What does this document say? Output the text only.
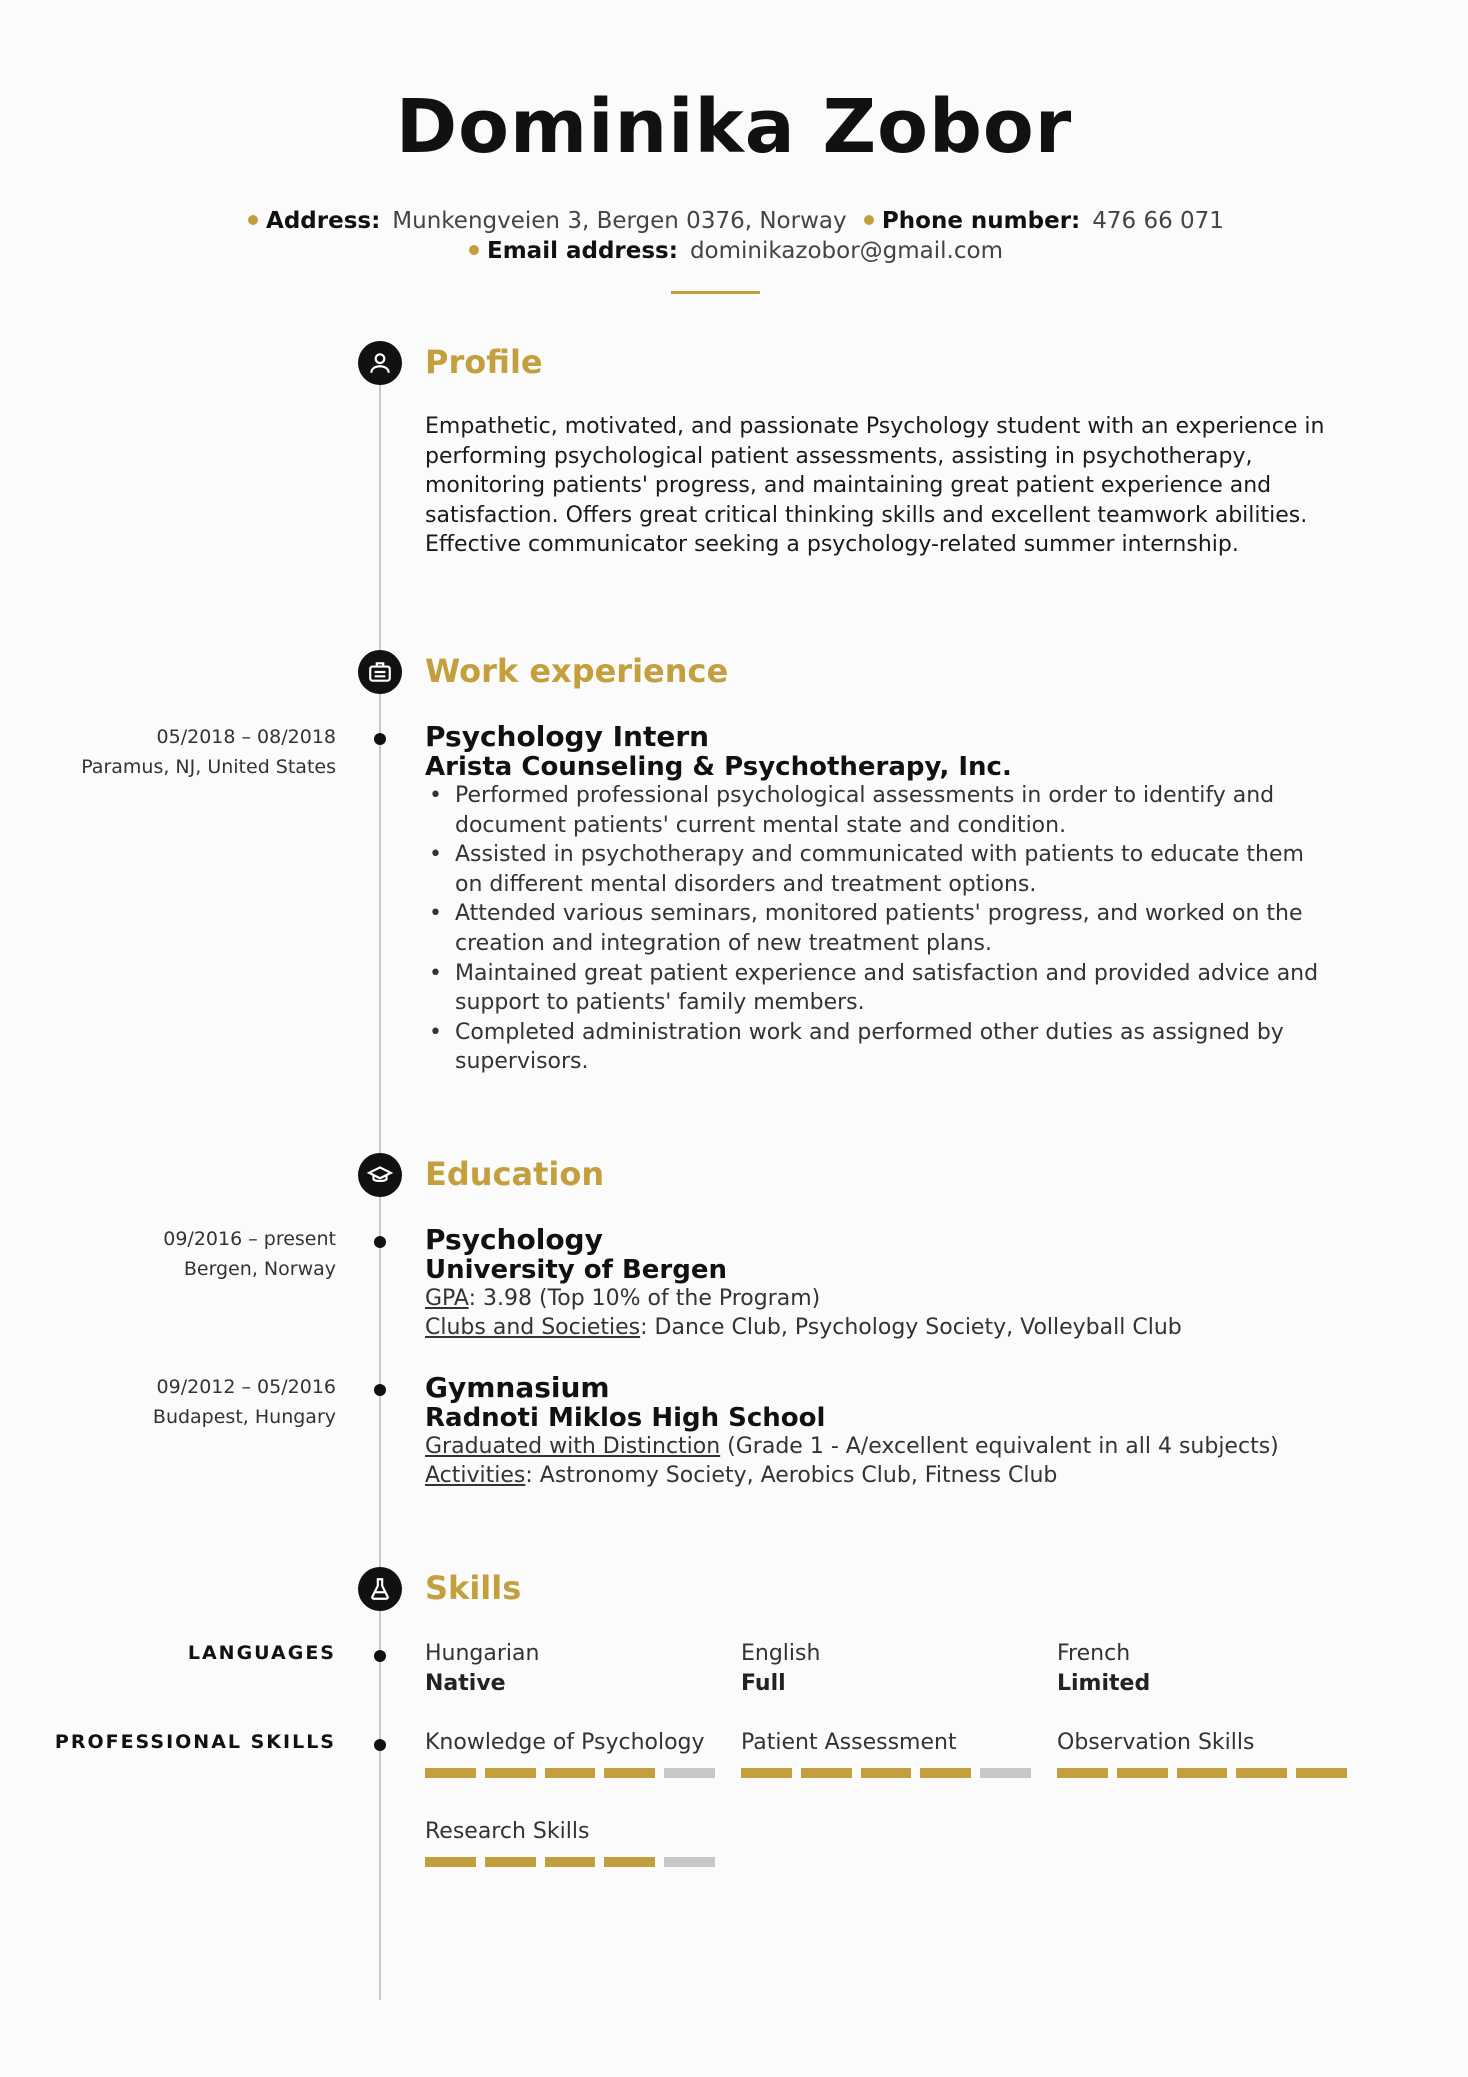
Dominika Zobor
Address: Munkengveien 3, Bergen 0376, Norway Phone number: 476 66 071
Email address: dominikazobor@gmail.com
Profile

Empathetic, motivated, and passionate Psychology student with an experience in performing psychological patient assessments, assisting in psychotherapy, monitoring patients' progress, and maintaining great patient experience and satisfaction. Offers great critical thinking skills and excellent teamwork abilities. Effective communicator seeking a psychology-related summer internship.

Work experience
05/2018 – 08/2018
Paramus, NJ, United States
Psychology Intern
Arista Counseling & Psychotherapy, Inc.
• Performed professional psychological assessments in order to identify and document patients' current mental state and condition.
• Assisted in psychotherapy and communicated with patients to educate them on different mental disorders and treatment options.
• Attended various seminars, monitored patients' progress, and worked on the creation and integration of new treatment plans.
• Maintained great patient experience and satisfaction and provided advice and support to patients' family members.
• Completed administration work and performed other duties as assigned by supervisors.
Education
09/2016 – present
Bergen, Norway
Psychology
University of Bergen
GPA: 3.98 (Top 10% of the Program)
Clubs and Societies: Dance Club, Psychology Society, Volleyball Club
09/2012 – 05/2016
Budapest, Hungary
Gymnasium
Radnoti Miklos High School
Graduated with Distinction (Grade 1 - A/excellent equivalent in all 4 subjects)
Activities: Astronomy Society, Aerobics Club, Fitness Club
Skills
LANGUAGES	Hungarian
Native
English
Full
French
Limited
PROFESSIONAL SKILLS	Knowledge of Psychology	Patient Assessment	Observation Skills
Research Skills
